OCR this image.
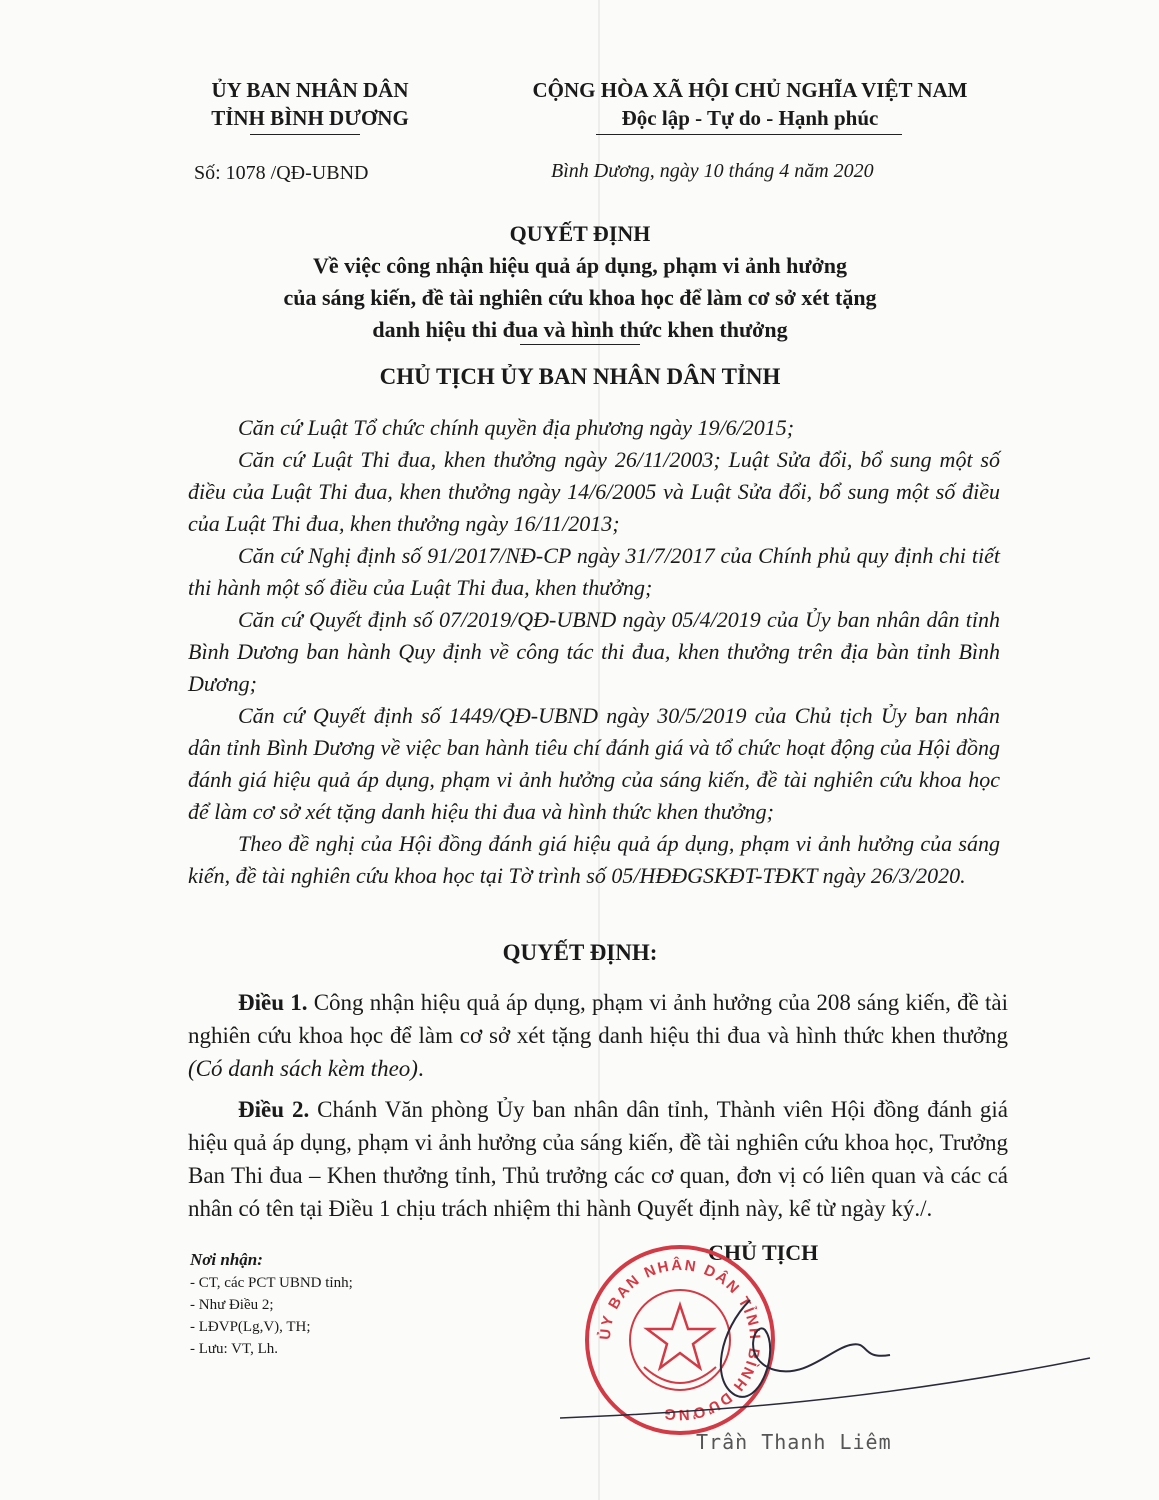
ỦY BAN NHÂN DÂN
TỈNH BÌNH DƯƠNG
Số: 1078 /QĐ-UBND
CỘNG HÒA XÃ HỘI CHỦ NGHĨA VIỆT NAM
Độc lập - Tự do - Hạnh phúc
Bình Dương, ngày 10 tháng 4 năm 2020
QUYẾT ĐỊNH
Về việc công nhận hiệu quả áp dụng, phạm vi ảnh hưởng
của sáng kiến, đề tài nghiên cứu khoa học để làm cơ sở xét tặng
danh hiệu thi đua và hình thức khen thưởng
CHỦ TỊCH ỦY BAN NHÂN DÂN TỈNH

Căn cứ Luật Tổ chức chính quyền địa phương ngày 19/6/2015;

Căn cứ Luật Thi đua, khen thưởng ngày 26/11/2003; Luật Sửa đổi, bổ sung một số điều của Luật Thi đua, khen thưởng ngày 14/6/2005 và Luật Sửa đổi, bổ sung một số điều của Luật Thi đua, khen thưởng ngày 16/11/2013;

Căn cứ Nghị định số 91/2017/NĐ-CP ngày 31/7/2017 của Chính phủ quy định chi tiết thi hành một số điều của Luật Thi đua, khen thưởng;

Căn cứ Quyết định số 07/2019/QĐ-UBND ngày 05/4/2019 của Ủy ban nhân dân tỉnh Bình Dương ban hành Quy định về công tác thi đua, khen thưởng trên địa bàn tỉnh Bình Dương;

Căn cứ Quyết định số 1449/QĐ-UBND ngày 30/5/2019 của Chủ tịch Ủy ban nhân dân tỉnh Bình Dương về việc ban hành tiêu chí đánh giá và tổ chức hoạt động của Hội đồng đánh giá hiệu quả áp dụng, phạm vi ảnh hưởng của sáng kiến, đề tài nghiên cứu khoa học để làm cơ sở xét tặng danh hiệu thi đua và hình thức khen thưởng;

Theo đề nghị của Hội đồng đánh giá hiệu quả áp dụng, phạm vi ảnh hưởng của sáng kiến, đề tài nghiên cứu khoa học tại Tờ trình số 05/HĐĐGSKĐT-TĐKT ngày 26/3/2020.

QUYẾT ĐỊNH:

Điều 1. Công nhận hiệu quả áp dụng, phạm vi ảnh hưởng của 208 sáng kiến, đề tài nghiên cứu khoa học để làm cơ sở xét tặng danh hiệu thi đua và hình thức khen thưởng (Có danh sách kèm theo).

Điều 2. Chánh Văn phòng Ủy ban nhân dân tỉnh, Thành viên Hội đồng đánh giá hiệu quả áp dụng, phạm vi ảnh hưởng của sáng kiến, đề tài nghiên cứu khoa học, Trưởng Ban Thi đua – Khen thưởng tỉnh, Thủ trưởng các cơ quan, đơn vị có liên quan và các cá nhân có tên tại Điều 1 chịu trách nhiệm thi hành Quyết định này, kể từ ngày ký./.

Nơi nhận:
- CT, các PCT UBND tỉnh;
- Như Điều 2;
- LĐVP(Lg,V), TH;
- Lưu: VT, Lh.
CHỦ TỊCH
ỦY BAN NHÂN DÂN TỈNH BÌNH DƯƠNG
Trần Thanh Liêm
